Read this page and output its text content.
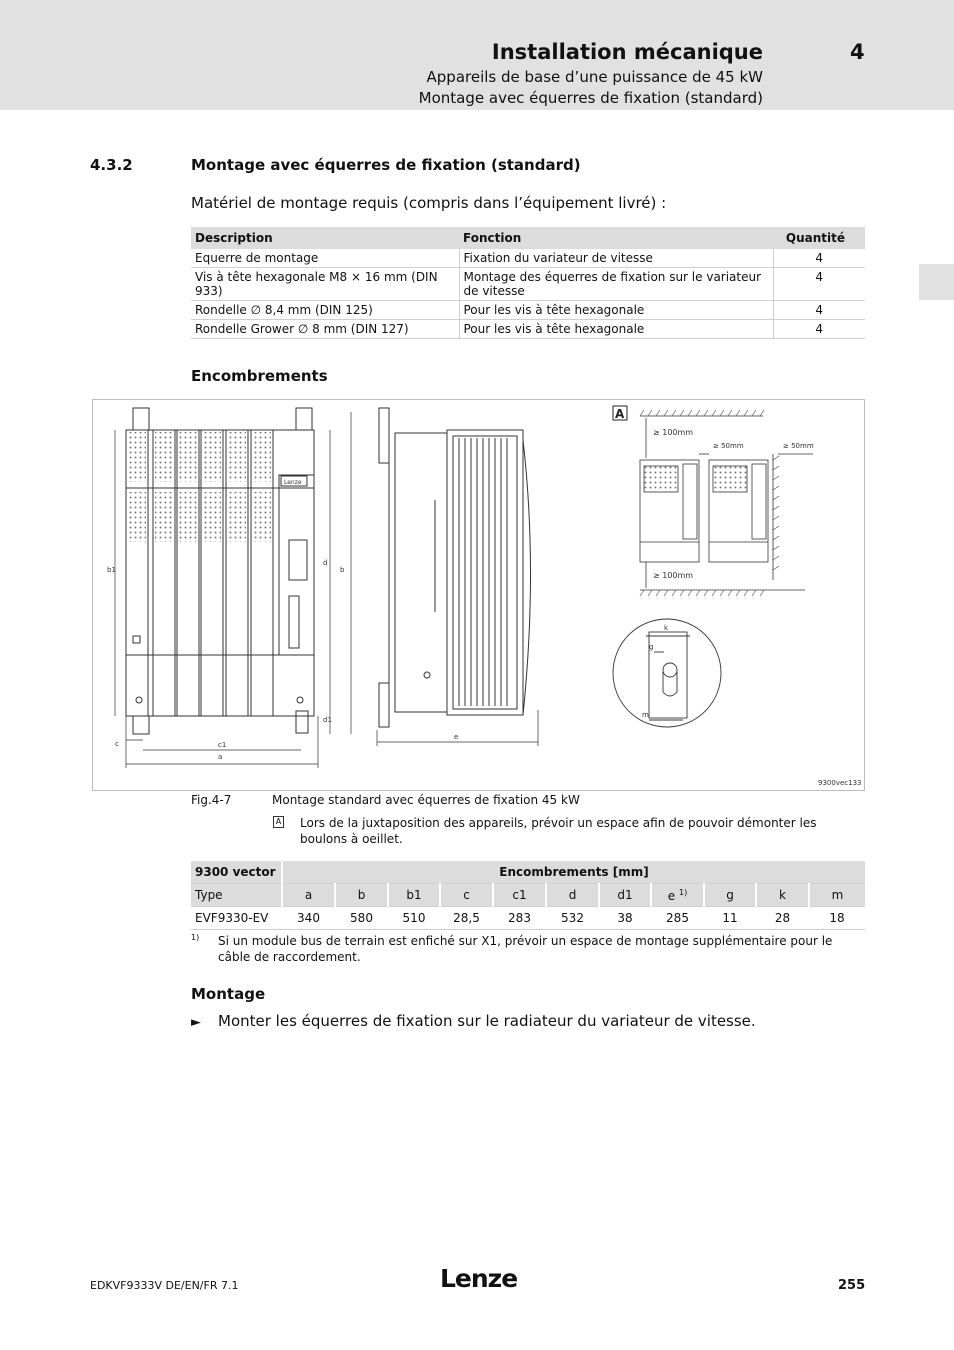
Installation mécanique	4
Appareils de base d’une puissance de 45 kW
Montage avec équerres de fixation (standard)
4.3.2	Montage avec équerres de fixation (standard)
Matériel de montage requis (compris dans l’équipement livré) :
Description	Fonction	Quantité
Equerre de montage	Fixation du variateur de vitesse	4
Vis à tête hexagonale M8 × 16 mm (DIN 933)	Montage des équerres de fixation sur le variateur de vitesse	4
Rondelle ∅ 8,4 mm (DIN 125)	Pour les vis à tête hexagonale	4
Rondelle Grower ∅ 8 mm (DIN 127)	Pour les vis à tête hexagonale	4
Encombrements
Lenze
b1
d
b
d1
c	c1
a
e
A
≥ 100mm
≥ 50mm	≥ 50mm
≥ 100mm
k
g
m
9300vec133
Fig.4-7	Montage standard avec équerres de fixation 45 kW
A Lors de la juxtaposition des appareils, prévoir un espace afin de pouvoir démonter les boulons à oeillet.
9300 vector	Encombrements [mm]										
Type	a	b	b1	c	c1	d	d1	e $^{1)}$	g	k	m
EVF9330-EV	340	580	510	28,5	283	532	38	285	11	28	18
1) Si un module bus de terrain est enfiché sur X1, prévoir un espace de montage supplémentaire pour le câble de raccordement.
Montage
► Monter les équerres de fixation sur le radiateur du variateur de vitesse.
EDKVF9333V DE/EN/FR 7.1	Lenze	255
